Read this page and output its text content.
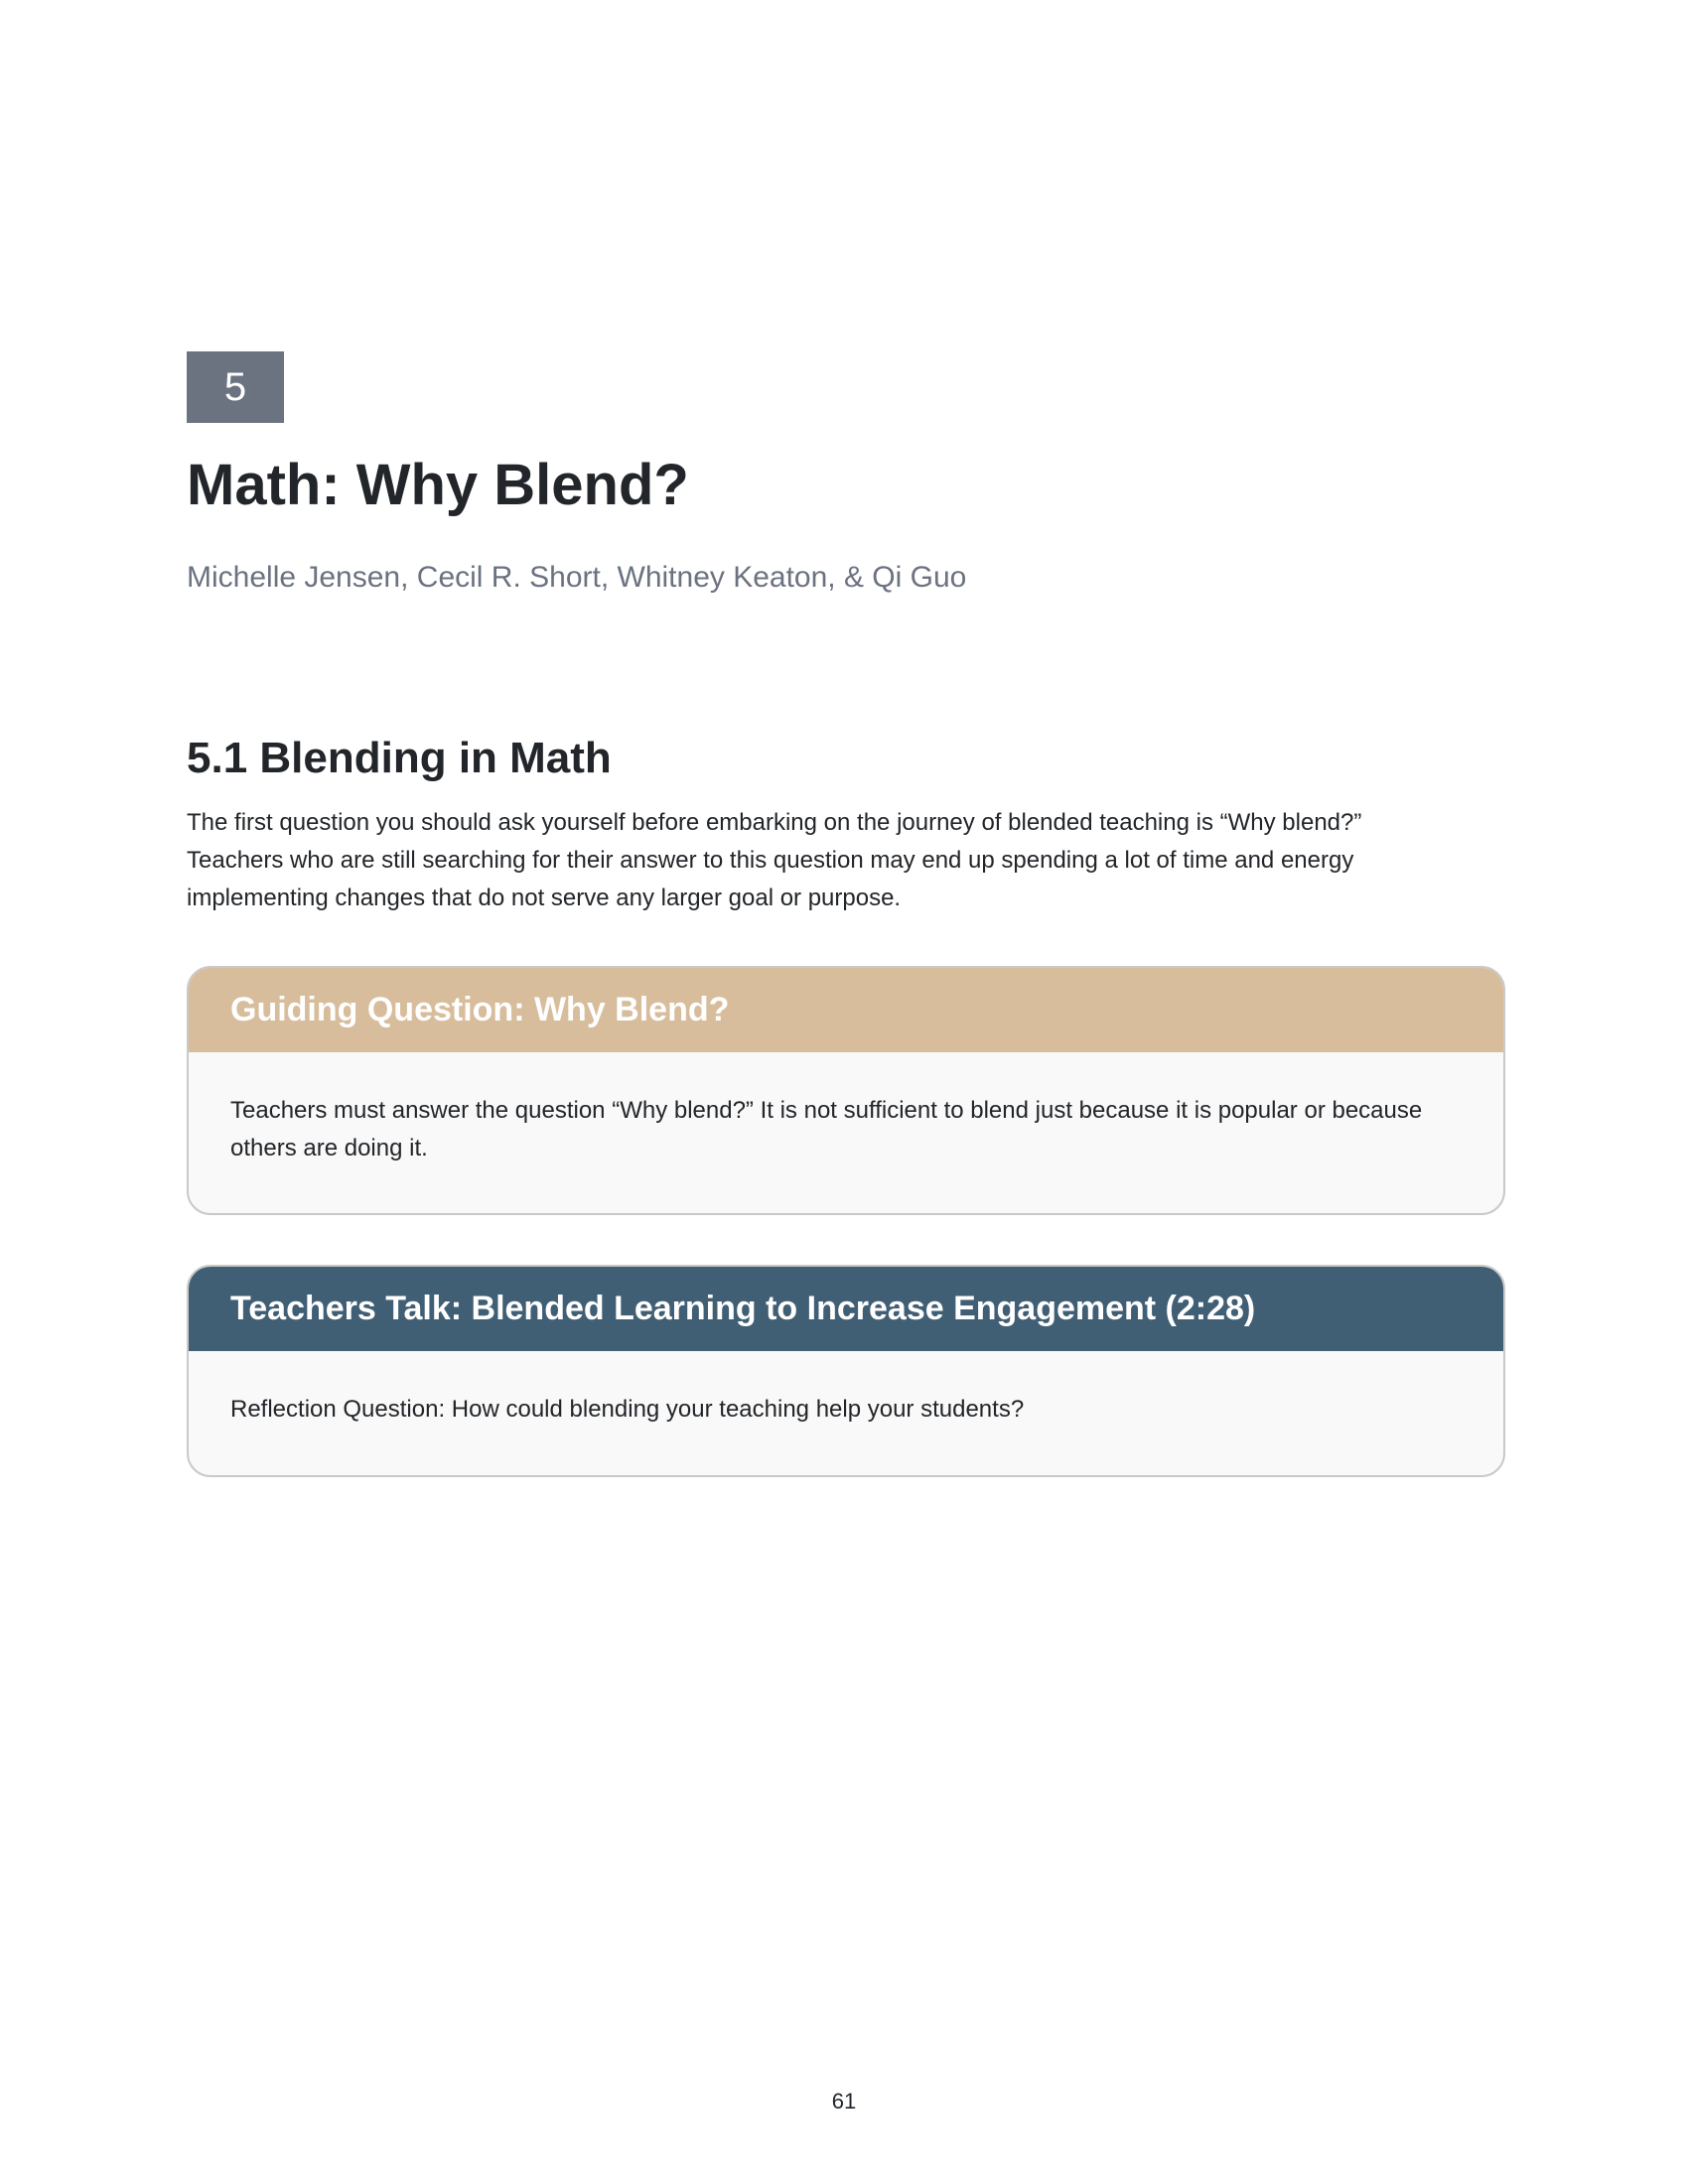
5
Math: Why Blend?

Michelle Jensen, Cecil R. Short, Whitney Keaton, & Qi Guo

5.1 Blending in Math

The first question you should ask yourself before embarking on the journey of blended teaching is “Why blend?” Teachers who are still searching for their answer to this question may end up spending a lot of time and energy implementing changes that do not serve any larger goal or purpose.

Guiding Question: Why Blend?
Teachers must answer the question “Why blend?” It is not sufficient to blend just because it is popular or because others are doing it.
Teachers Talk: Blended Learning to Increase Engagement (2:28)
Reflection Question: How could blending your teaching help your students?
61
